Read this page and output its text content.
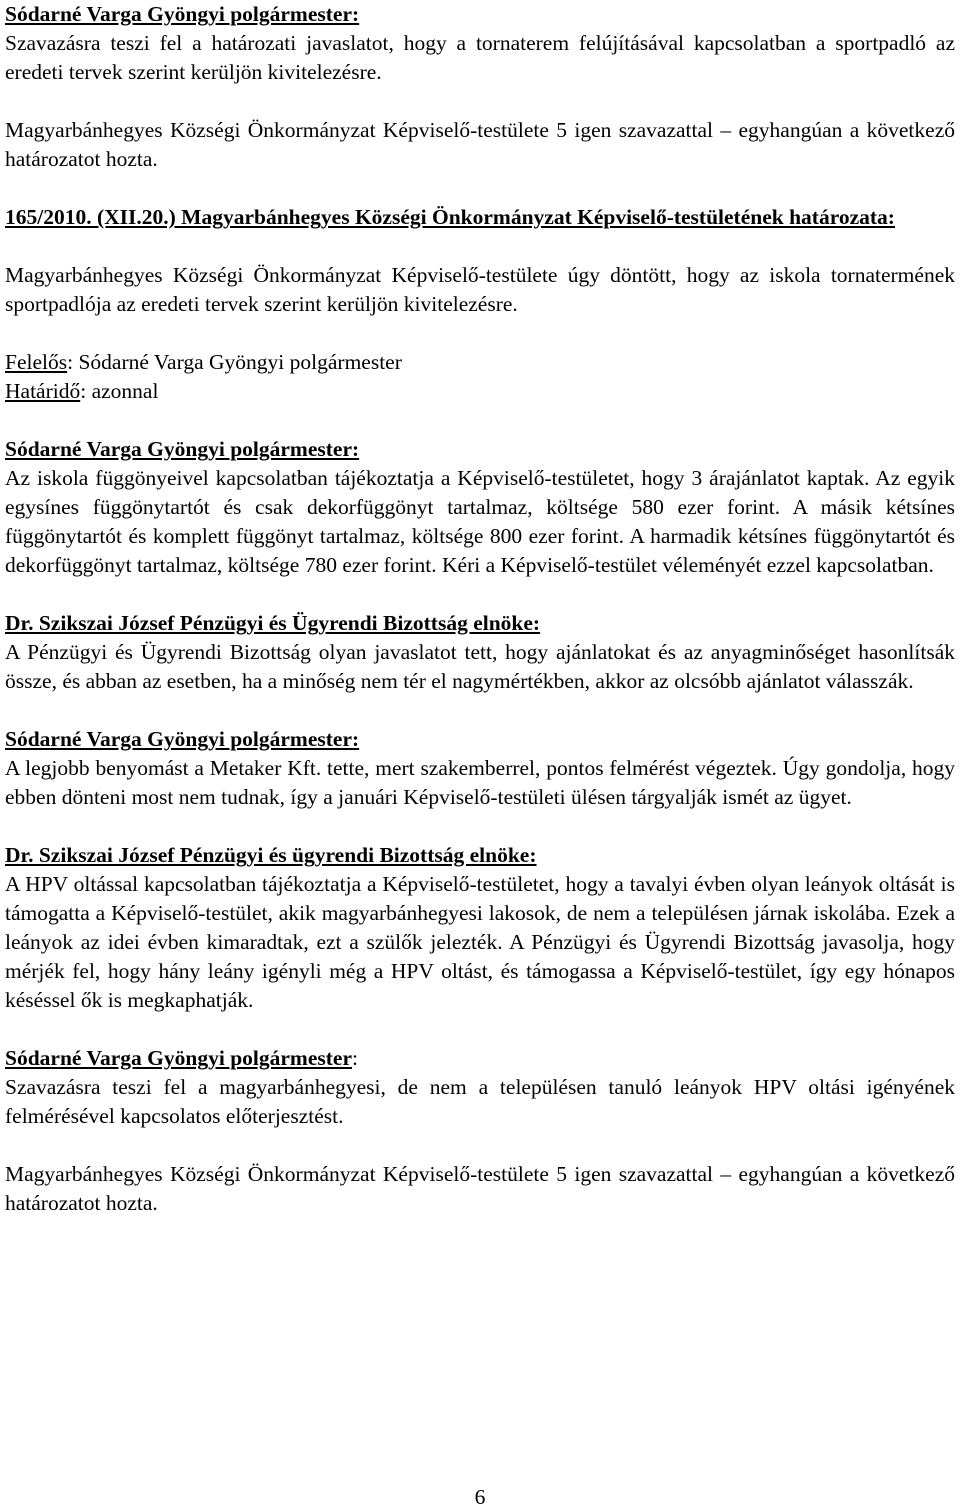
Sódarné Varga Gyöngyi polgármester:

Szavazásra teszi fel a határozati javaslatot, hogy a tornaterem felújításával kapcsolatban a sportpadló az eredeti tervek szerint kerüljön kivitelezésre.

Magyarbánhegyes Községi Önkormányzat Képviselő-testülete 5 igen szavazattal – egyhangúan a következő határozatot hozta.

165/2010. (XII.20.) Magyarbánhegyes Községi Önkormányzat Képviselő-testületének határozata:

Magyarbánhegyes Községi Önkormányzat Képviselő-testülete úgy döntött, hogy az iskola tornatermének sportpadlója az eredeti tervek szerint kerüljön kivitelezésre.

Felelős: Sódarné Varga Gyöngyi polgármester

Határidő: azonnal

Sódarné Varga Gyöngyi polgármester:

Az iskola függönyeivel kapcsolatban tájékoztatja a Képviselő-testületet, hogy 3 árajánlatot kaptak. Az egyik egysínes függönytartót és csak dekorfüggönyt tartalmaz, költsége 580 ezer forint. A másik kétsínes függönytartót és komplett függönyt tartalmaz, költsége 800 ezer forint. A harmadik kétsínes függönytartót és dekorfüggönyt tartalmaz, költsége 780 ezer forint. Kéri a Képviselő-testület véleményét ezzel kapcsolatban.

Dr. Szikszai József Pénzügyi és Ügyrendi Bizottság elnöke:

A Pénzügyi és Ügyrendi Bizottság olyan javaslatot tett, hogy ajánlatokat és az anyagminőséget hasonlítsák össze, és abban az esetben, ha a minőség nem tér el nagymértékben, akkor az olcsóbb ajánlatot válasszák.

Sódarné Varga Gyöngyi polgármester:

A legjobb benyomást a Metaker Kft. tette, mert szakemberrel, pontos felmérést végeztek. Úgy gondolja, hogy ebben dönteni most nem tudnak, így a januári Képviselő-testületi ülésen tárgyalják ismét az ügyet.

Dr. Szikszai József Pénzügyi és ügyrendi Bizottság elnöke:

A HPV oltással kapcsolatban tájékoztatja a Képviselő-testületet, hogy a tavalyi évben olyan leányok oltását is támogatta a Képviselő-testület, akik magyarbánhegyesi lakosok, de nem a településen járnak iskolába. Ezek a leányok az idei évben kimaradtak, ezt a szülők jelezték. A Pénzügyi és Ügyrendi Bizottság javasolja, hogy mérjék fel, hogy hány leány igényli még a HPV oltást, és támogassa a Képviselő-testület, így egy hónapos késéssel ők is megkaphatják.

Sódarné Varga Gyöngyi polgármester:

Szavazásra teszi fel a magyarbánhegyesi, de nem a településen tanuló leányok HPV oltási igényének felmérésével kapcsolatos előterjesztést.

Magyarbánhegyes Községi Önkormányzat Képviselő-testülete 5 igen szavazattal – egyhangúan a következő határozatot hozta.

6
